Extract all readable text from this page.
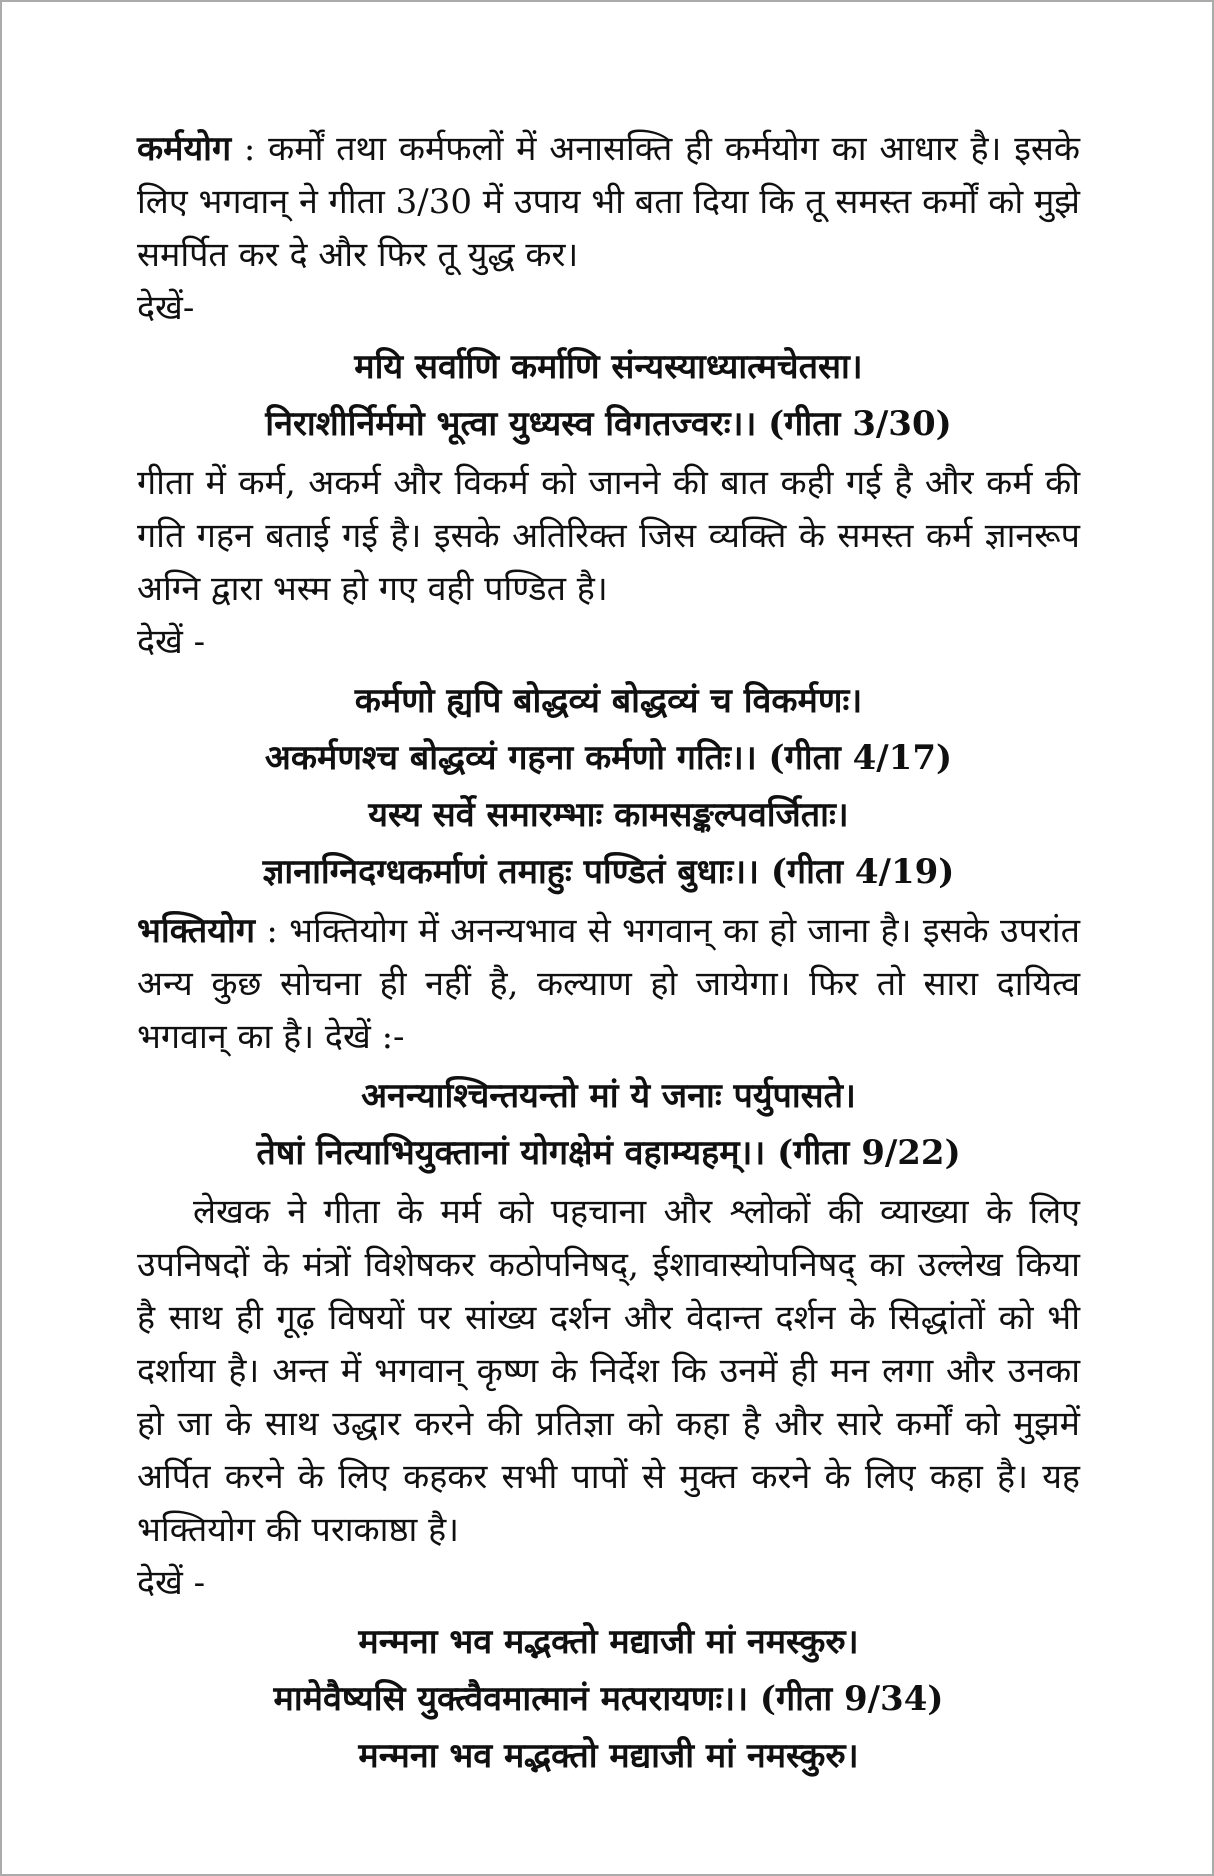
कर्मयोग : कर्मों तथा कर्मफलों में अनासक्ति ही कर्मयोग का आधार है। इसके लिए भगवान् ने गीता 3/30 में उपाय भी बता दिया कि तू समस्त कर्मों को मुझे समर्पित कर दे और फिर तू युद्ध कर।

देखें-

मयि सर्वाणि कर्माणि संन्यस्याध्यात्मचेतसा।
निराशीर्निर्ममो भूत्वा युध्यस्व विगतज्वरः।। (गीता 3/30)

गीता में कर्म, अकर्म और विकर्म को जानने की बात कही गई है और कर्म की गति गहन बताई गई है। इसके अतिरिक्त जिस व्यक्ति के समस्त कर्म ज्ञानरूप अग्नि द्वारा भस्म हो गए वही पण्डित है।

देखें -

कर्मणो ह्यपि बोद्धव्यं बोद्धव्यं च विकर्मणः।
अकर्मणश्च बोद्धव्यं गहना कर्मणो गतिः।। (गीता 4/17)
यस्य सर्वे समारम्भाः कामसङ्कल्पवर्जिताः।
ज्ञानाग्निदग्धकर्माणं तमाहुः पण्डितं बुधाः।। (गीता 4/19)

भक्तियोग : भक्तियोग में अनन्यभाव से भगवान् का हो जाना है। इसके उपरांत अन्य कुछ सोचना ही नहीं है, कल्याण हो जायेगा। फिर तो सारा दायित्व भगवान् का है। देखें :-

अनन्याश्चिन्तयन्तो मां ये जनाः पर्युपासते।
तेषां नित्याभियुक्तानां योगक्षेमं वहाम्यहम्।। (गीता 9/22)

लेखक ने गीता के मर्म को पहचाना और श्लोकों की व्याख्या के लिए उपनिषदों के मंत्रों विशेषकर कठोपनिषद्, ईशावास्योपनिषद् का उल्लेख किया है साथ ही गूढ़ विषयों पर सांख्य दर्शन और वेदान्त दर्शन के सिद्धांतों को भी दर्शाया है। अन्त में भगवान् कृष्ण के निर्देश कि उनमें ही मन लगा और उनका हो जा के साथ उद्धार करने की प्रतिज्ञा को कहा है और सारे कर्मों को मुझमें अर्पित करने के लिए कहकर सभी पापों से मुक्त करने के लिए कहा है। यह भक्तियोग की पराकाष्ठा है।

देखें -

मन्मना भव मद्भक्तो मद्याजी मां नमस्कुरु।
मामेवैष्यसि युक्त्वैवमात्मानं मत्परायणः।। (गीता 9/34)
मन्मना भव मद्भक्तो मद्याजी मां नमस्कुरु।
